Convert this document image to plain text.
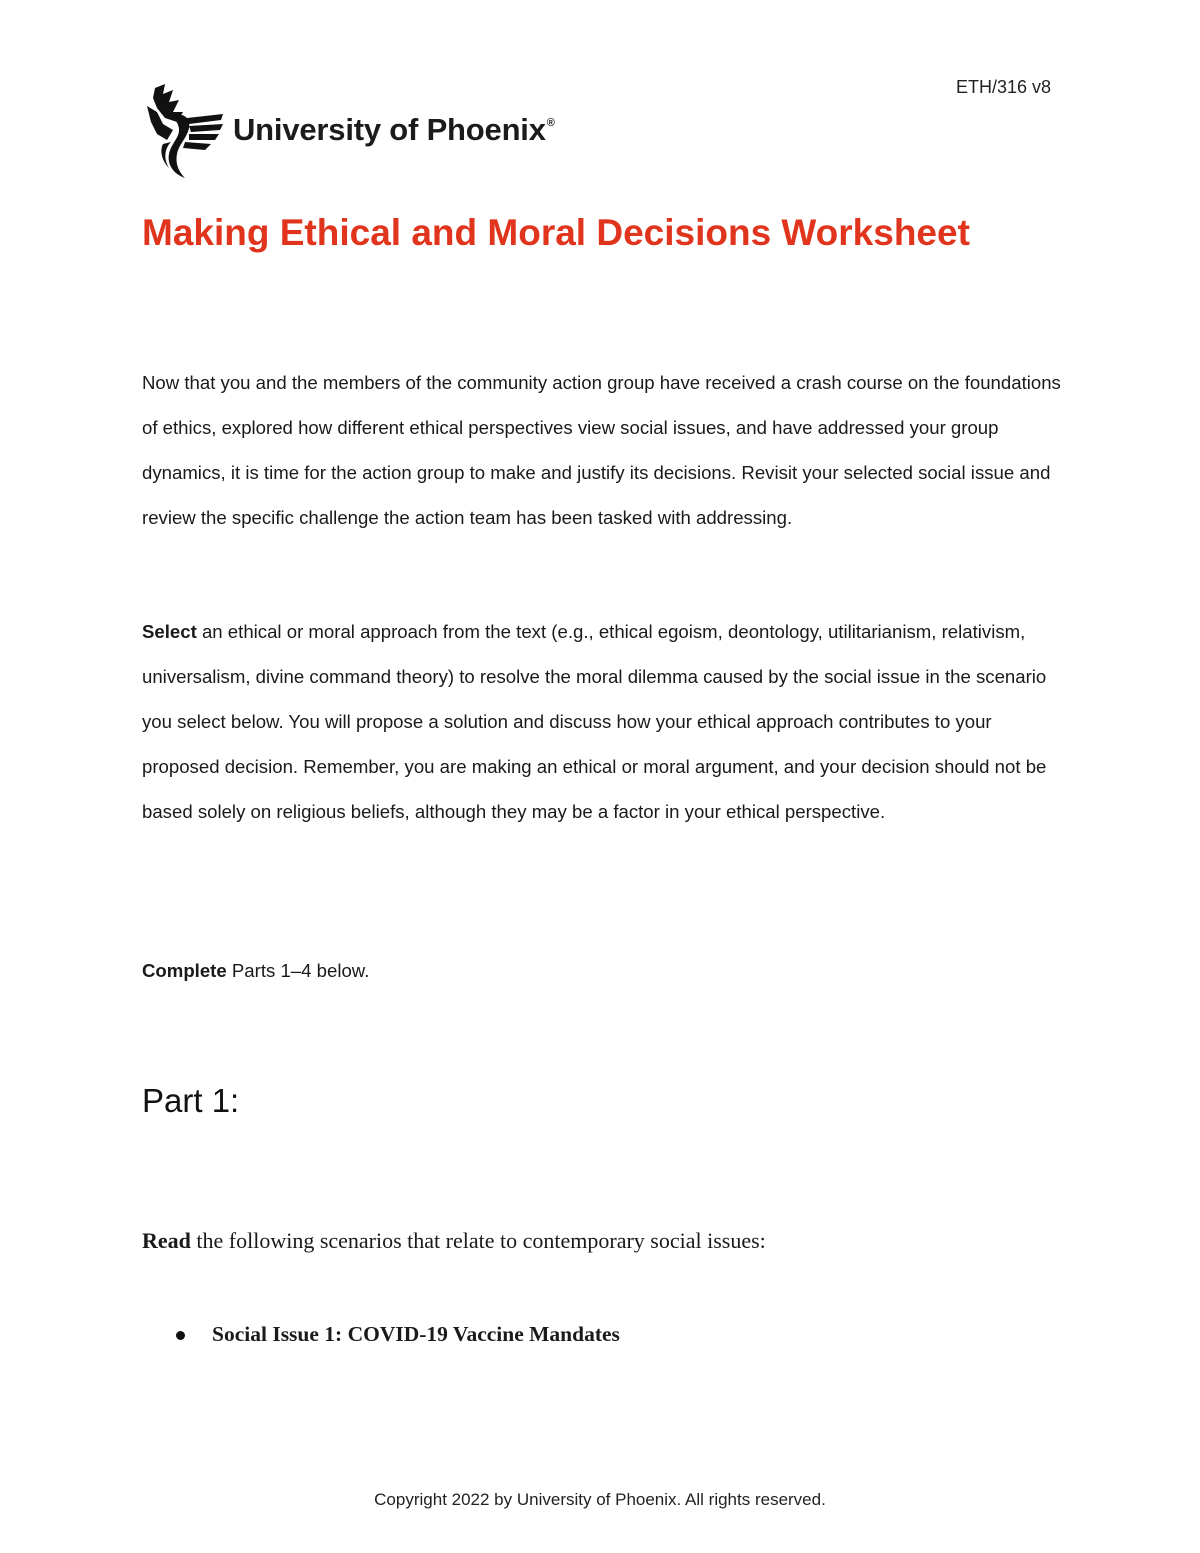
ETH/316 v8
University of Phoenix®
Making Ethical and Moral Decisions Worksheet

Now that you and the members of the community action group have received a crash course on the foundations of ethics, explored how different ethical perspectives view social issues, and have addressed your group dynamics, it is time for the action group to make and justify its decisions. Revisit your selected social issue and review the specific challenge the action team has been tasked with addressing.

Select an ethical or moral approach from the text (e.g., ethical egoism, deontology, utilitarianism, relativism, universalism, divine command theory) to resolve the moral dilemma caused by the social issue in the scenario you select below. You will propose a solution and discuss how your ethical approach contributes to your proposed decision. Remember, you are making an ethical or moral argument, and your decision should not be based solely on religious beliefs, although they may be a factor in your ethical perspective.

Complete Parts 1–4 below.

Part 1:

Read the following scenarios that relate to contemporary social issues:

Social Issue 1: COVID-19 Vaccine Mandates
Copyright 2022 by University of Phoenix. All rights reserved.
